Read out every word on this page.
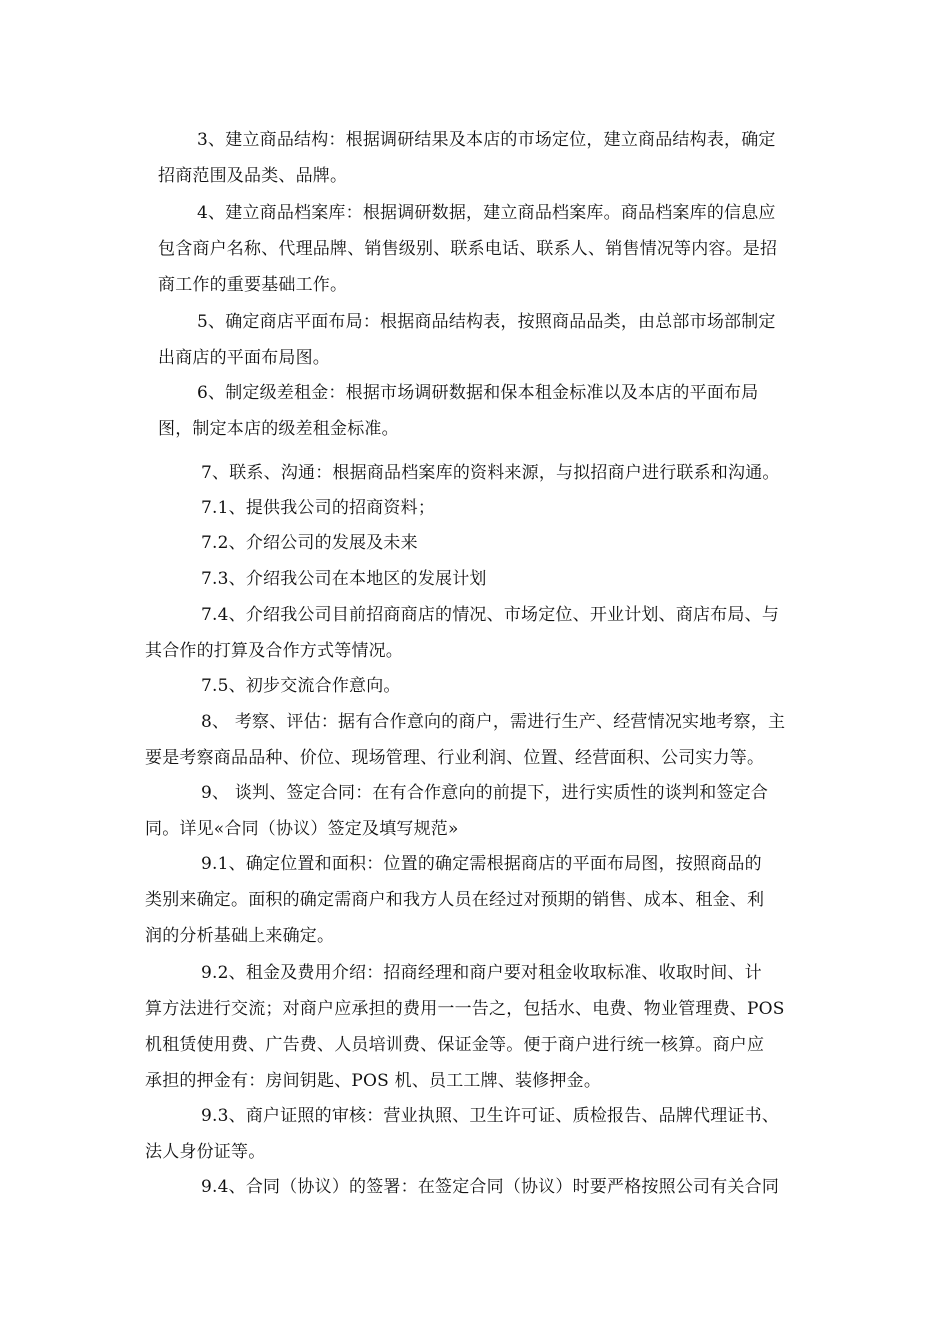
3、建立商品结构：根据调研结果及本店的市场定位，建立商品结构表，确定
招商范围及品类、品牌。
4、建立商品档案库：根据调研数据，建立商品档案库。商品档案库的信息应
包含商户名称、代理品牌、销售级别、联系电话、联系人、销售情况等内容。是招
商工作的重要基础工作。
5、确定商店平面布局：根据商品结构表，按照商品品类，由总部市场部制定
出商店的平面布局图。
6、制定级差租金：根据市场调研数据和保本租金标准以及本店的平面布局
图，制定本店的级差租金标准。
7、联系、沟通：根据商品档案库的资料来源，与拟招商户进行联系和沟通。
7.1、提供我公司的招商资料；
7.2、介绍公司的发展及未来
7.3、介绍我公司在本地区的发展计划
7.4、介绍我公司目前招商商店的情况、市场定位、开业计划、商店布局、与
其合作的打算及合作方式等情况。
7.5、初步交流合作意向。
8、 考察、评估：据有合作意向的商户，需进行生产、经营情况实地考察，主
要是考察商品品种、价位、现场管理、行业利润、位置、经营面积、公司实力等。
9、 谈判、签定合同：在有合作意向的前提下，进行实质性的谈判和签定合
同。详见«合同（协议）签定及填写规范»
9.1、确定位置和面积：位置的确定需根据商店的平面布局图，按照商品的
类别来确定。面积的确定需商户和我方人员在经过对预期的销售、成本、租金、利
润的分析基础上来确定。
9.2、租金及费用介绍：招商经理和商户要对租金收取标准、收取时间、计
算方法进行交流；对商户应承担的费用一一告之，包括水、电费、物业管理费、POS
机租赁使用费、广告费、人员培训费、保证金等。便于商户进行统一核算。商户应
承担的押金有：房间钥匙、POS 机、员工工牌、装修押金。
9.3、商户证照的审核：营业执照、卫生许可证、质检报告、品牌代理证书、
法人身份证等。
9.4、合同（协议）的签署：在签定合同（协议）时要严格按照公司有关合同
